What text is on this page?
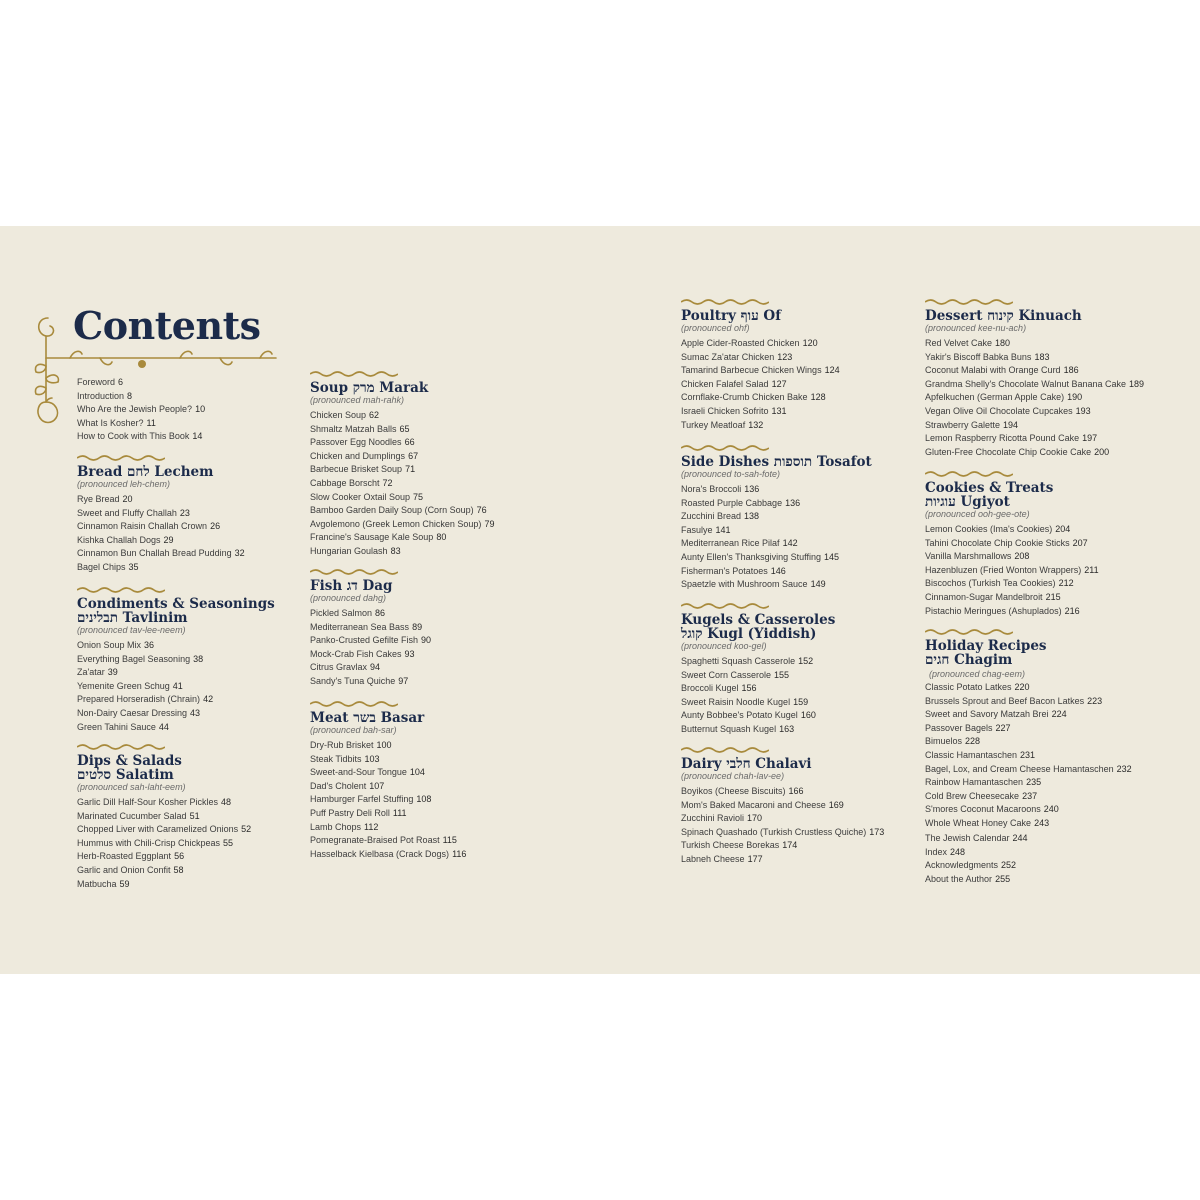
Contents
Foreword 6
Introduction 8
Who Are the Jewish People? 10
What Is Kosher? 11
How to Cook with This Book 14
Bread לחם Lechem
(pronounced leh-chem)
Rye Bread 20
Sweet and Fluffy Challah 23
Cinnamon Raisin Challah Crown 26
Kishka Challah Dogs 29
Cinnamon Bun Challah Bread Pudding 32
Bagel Chips 35
Condiments & Seasonings
תבלינים Tavlinim
(pronounced tav-lee-neem)
Onion Soup Mix 36
Everything Bagel Seasoning 38
Za'atar 39
Yemenite Green Schug 41
Prepared Horseradish (Chrain) 42
Non-Dairy Caesar Dressing 43
Green Tahini Sauce 44
Dips & Salads
סלטים Salatim
(pronounced sah-laht-eem)
Garlic Dill Half-Sour Kosher Pickles 48
Marinated Cucumber Salad 51
Chopped Liver with Caramelized Onions 52
Hummus with Chili-Crisp Chickpeas 55
Herb-Roasted Eggplant 56
Garlic and Onion Confit 58
Matbucha 59
Soup מרק Marak
(pronounced mah-rahk)
Chicken Soup 62
Shmaltz Matzah Balls 65
Passover Egg Noodles 66
Chicken and Dumplings 67
Barbecue Brisket Soup 71
Cabbage Borscht 72
Slow Cooker Oxtail Soup 75
Bamboo Garden Daily Soup (Corn Soup) 76
Avgolemono (Greek Lemon Chicken Soup) 79
Francine's Sausage Kale Soup 80
Hungarian Goulash 83
Fish דג Dag
(pronounced dahg)
Pickled Salmon 86
Mediterranean Sea Bass 89
Panko-Crusted Gefilte Fish 90
Mock-Crab Fish Cakes 93
Citrus Gravlax 94
Sandy's Tuna Quiche 97
Meat בשר Basar
(pronounced bah-sar)
Dry-Rub Brisket 100
Steak Tidbits 103
Sweet-and-Sour Tongue 104
Dad's Cholent 107
Hamburger Farfel Stuffing 108
Puff Pastry Deli Roll 111
Lamb Chops 112
Pomegranate-Braised Pot Roast 115
Hasselback Kielbasa (Crack Dogs) 116
Poultry עוף Of
(pronounced ohf)
Apple Cider-Roasted Chicken 120
Sumac Za'atar Chicken 123
Tamarind Barbecue Chicken Wings 124
Chicken Falafel Salad 127
Cornflake-Crumb Chicken Bake 128
Israeli Chicken Sofrito 131
Turkey Meatloaf 132
Side Dishes תוספות Tosafot
(pronounced to-sah-fote)
Nora's Broccoli 136
Roasted Purple Cabbage 136
Zucchini Bread 138
Fasulye 141
Mediterranean Rice Pilaf 142
Aunty Ellen's Thanksgiving Stuffing 145
Fisherman's Potatoes 146
Spaetzle with Mushroom Sauce 149
Kugels & Casseroles
קוגל Kugl (Yiddish)
(pronounced koo-gel)
Spaghetti Squash Casserole 152
Sweet Corn Casserole 155
Broccoli Kugel 156
Sweet Raisin Noodle Kugel 159
Aunty Bobbee's Potato Kugel 160
Butternut Squash Kugel 163
Dairy חלבי Chalavi
(pronounced chah-lav-ee)
Boyikos (Cheese Biscuits) 166
Mom's Baked Macaroni and Cheese 169
Zucchini Ravioli 170
Spinach Quashado (Turkish Crustless Quiche) 173
Turkish Cheese Borekas 174
Labneh Cheese 177
Dessert קינוח Kinuach
(pronounced kee-nu-ach)
Red Velvet Cake 180
Yakir's Biscoff Babka Buns 183
Coconut Malabi with Orange Curd 186
Grandma Shelly's Chocolate Walnut Banana Cake 189
Apfelkuchen (German Apple Cake) 190
Vegan Olive Oil Chocolate Cupcakes 193
Strawberry Galette 194
Lemon Raspberry Ricotta Pound Cake 197
Gluten-Free Chocolate Chip Cookie Cake 200
Cookies & Treats
עוגיות Ugiyot
(pronounced ooh-gee-ote)
Lemon Cookies (Ima's Cookies) 204
Tahini Chocolate Chip Cookie Sticks 207
Vanilla Marshmallows 208
Hazenbluzen (Fried Wonton Wrappers) 211
Biscochos (Turkish Tea Cookies) 212
Cinnamon-Sugar Mandelbroit 215
Pistachio Meringues (Ashuplados) 216
Holiday Recipes
חגים Chagim
(pronounced chag-eem)
Classic Potato Latkes 220
Brussels Sprout and Beef Bacon Latkes 223
Sweet and Savory Matzah Brei 224
Passover Bagels 227
Bimuelos 228
Classic Hamantaschen 231
Bagel, Lox, and Cream Cheese Hamantaschen 232
Rainbow Hamantaschen 235
Cold Brew Cheesecake 237
S'mores Coconut Macaroons 240
Whole Wheat Honey Cake 243
The Jewish Calendar 244
Index 248
Acknowledgments 252
About the Author 255
